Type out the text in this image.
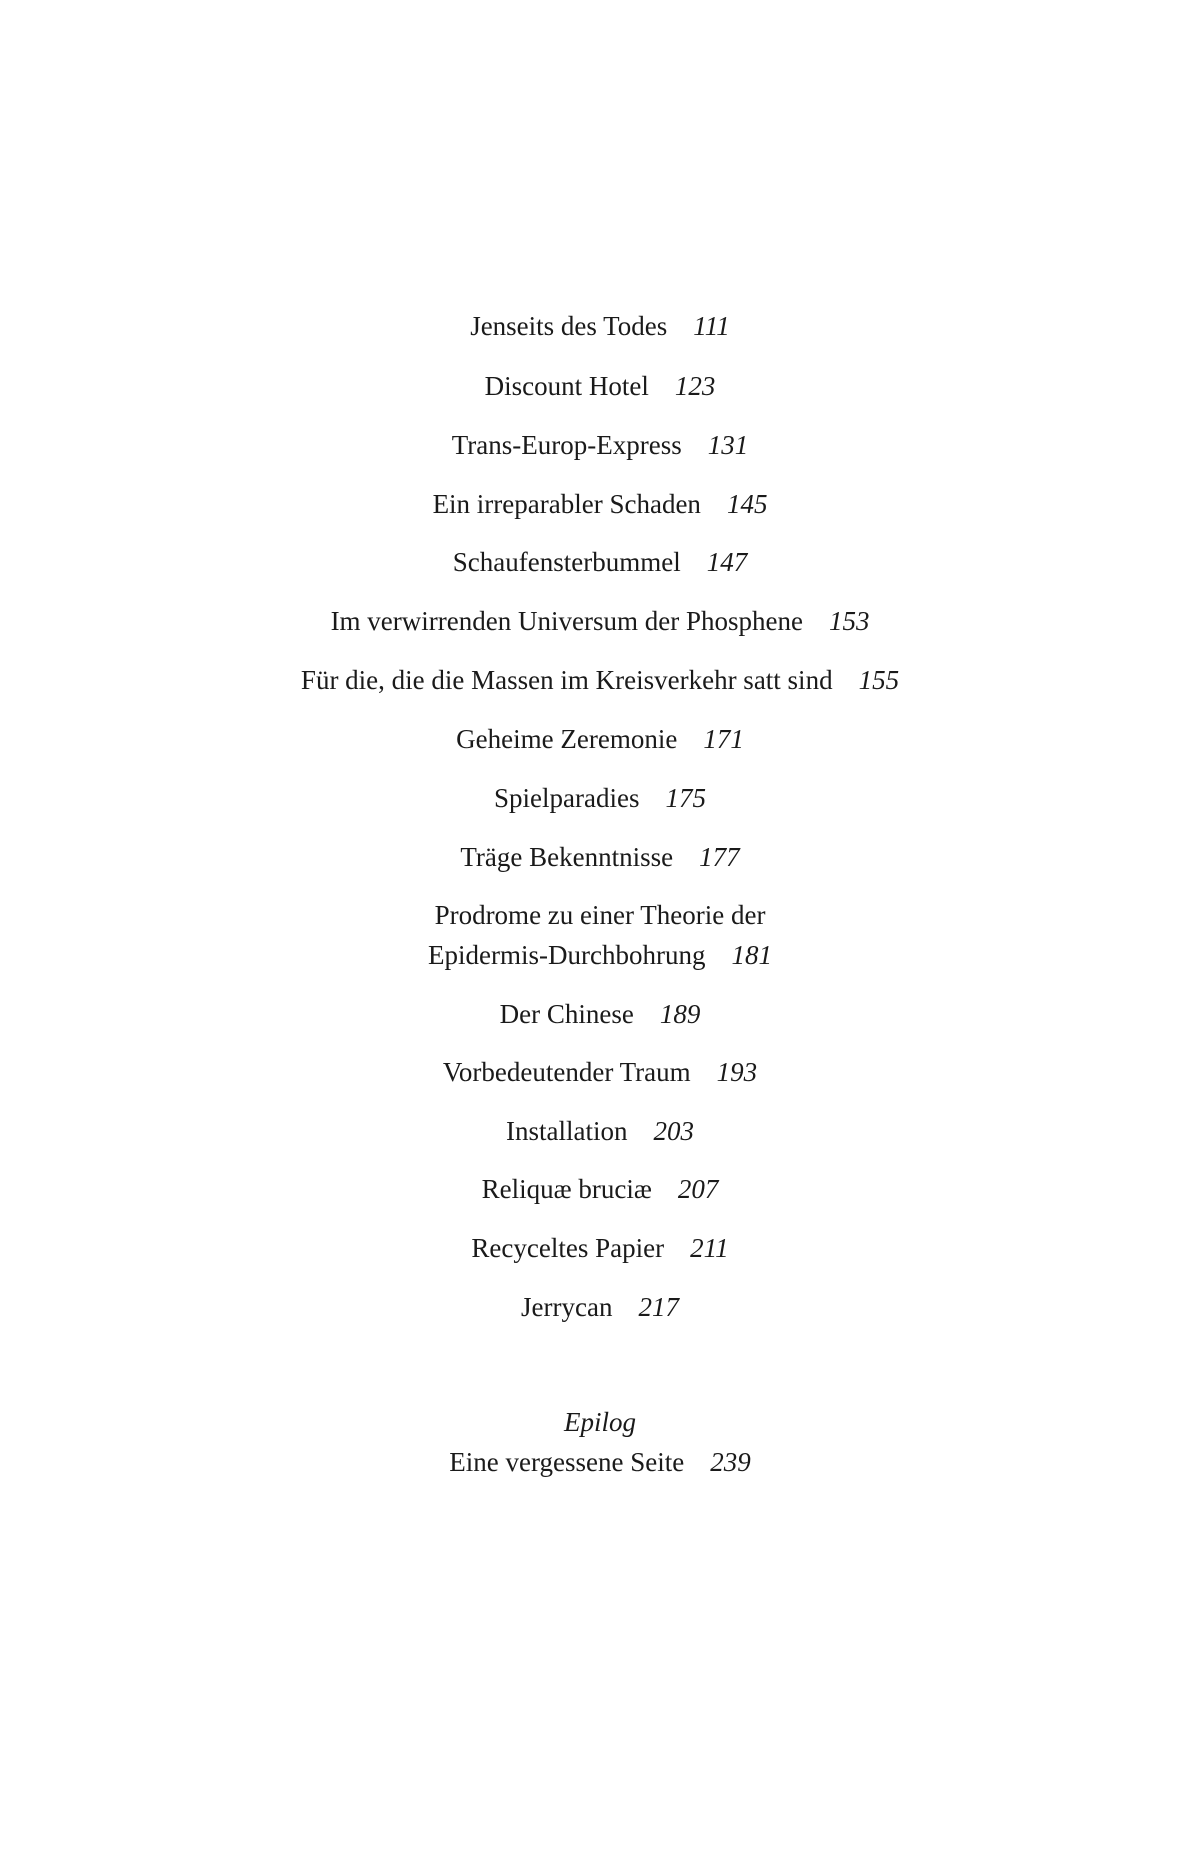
Jenseits des Todes 111
Discount Hotel 123
Trans-Europ-Express 131
Ein irreparabler Schaden 145
Schaufensterbummel 147
Im verwirrenden Universum der Phosphene 153
Für die, die die Massen im Kreisverkehr satt sind 155
Geheime Zeremonie 171
Spielparadies 175
Träge Bekenntnisse 177
Prodrome zu einer Theorie der
Epidermis-Durchbohrung 181
Der Chinese 189
Vorbedeutender Traum 193
Installation 203
Reliquæ bruciæ 207
Recyceltes Papier 211
Jerrycan 217
Epilog
Eine vergessene Seite 239
